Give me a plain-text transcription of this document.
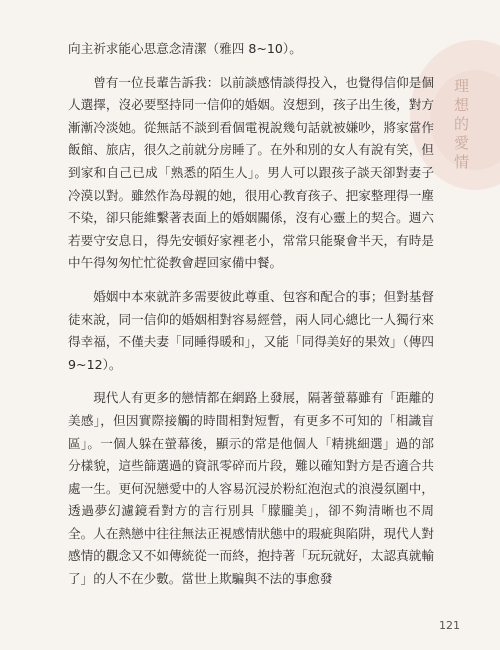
理想的愛情

向主祈求能心思意念清潔（雅四 8~10）。

曾有一位長輩告訴我：以前談感情談得投入，也覺得信仰是個人選擇，沒必要堅持同一信仰的婚姻。沒想到，孩子出生後，對方漸漸冷淡她。從無話不談到看個電視說幾句話就被嫌吵，將家當作飯館、旅店，很久之前就分房睡了。在外和別的女人有說有笑，但到家和自己已成「熟悉的陌生人」。男人可以跟孩子談天卻對妻子冷漠以對。雖然作為母親的她，很用心教育孩子、把家整理得一塵不染，卻只能維繫著表面上的婚姻關係，沒有心靈上的契合。週六若要守安息日，得先安頓好家裡老小，常常只能聚會半天，有時是中午得匆匆忙忙從教會趕回家備中餐。

婚姻中本來就許多需要彼此尊重、包容和配合的事；但對基督徒來說，同一信仰的婚姻相對容易經營，兩人同心總比一人獨行來得幸福，不僅夫妻「同睡得暖和」，又能「同得美好的果效」（傳四 9~12）。

現代人有更多的戀情都在網路上發展，隔著螢幕雖有「距離的美感」，但因實際接觸的時間相對短暫，有更多不可知的「相識盲區」。一個人躲在螢幕後，顯示的常是他個人「精挑細選」過的部分樣貌，這些篩選過的資訊零碎而片段，難以確知對方是否適合共處一生。更何況戀愛中的人容易沉浸於粉紅泡泡式的浪漫氛圍中，透過夢幻濾鏡看對方的言行別具「朦朧美」，卻不夠清晰也不周全。人在熱戀中往往無法正視感情狀態中的瑕疵與陷阱，現代人對感情的觀念又不如傳統從一而終，抱持著「玩玩就好，太認真就輸了」的人不在少數。當世上欺騙與不法的事愈發

121
